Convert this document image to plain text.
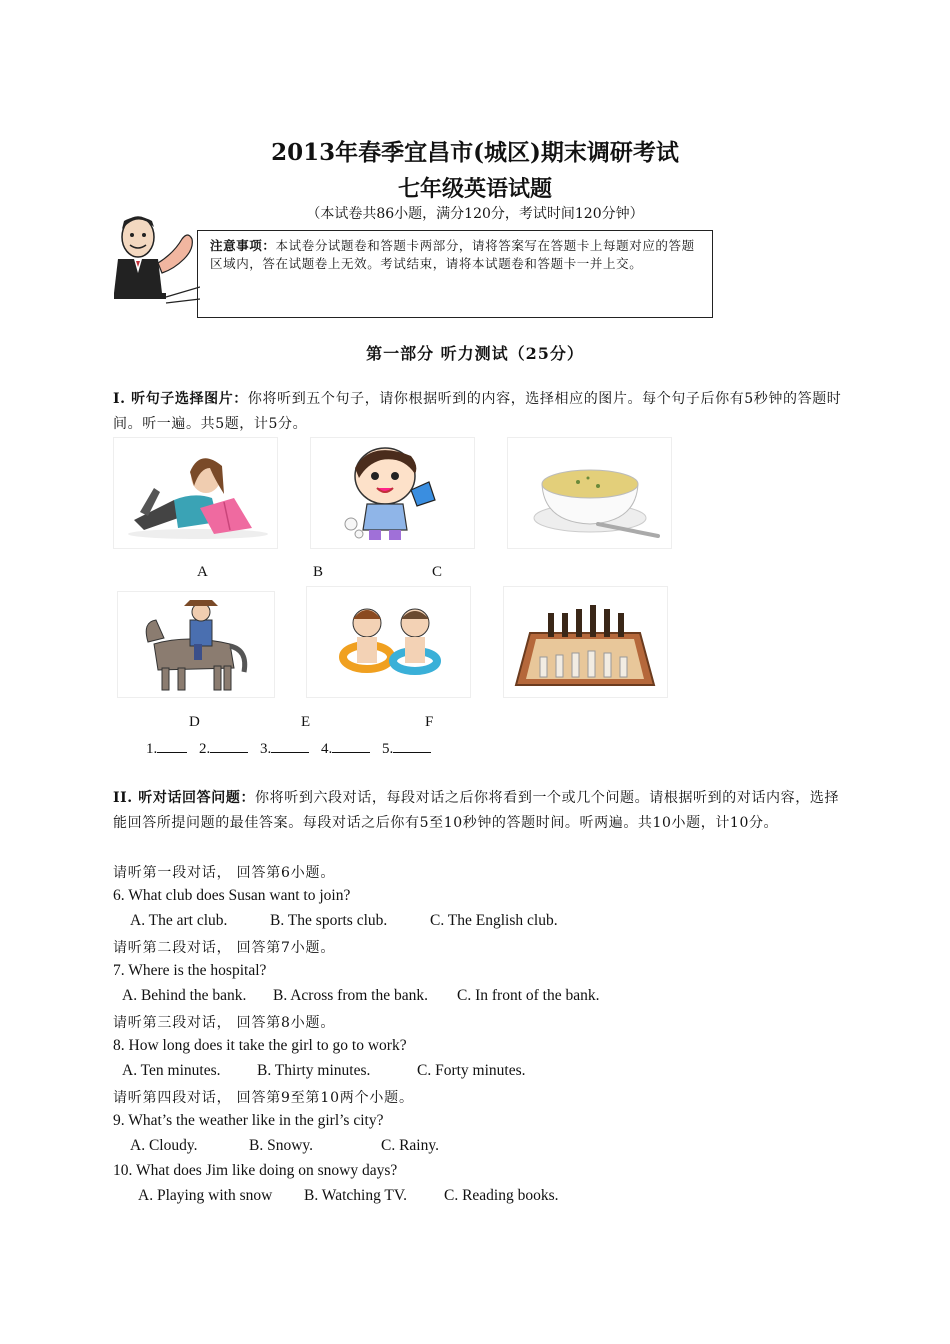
2013年春季宜昌市(城区)期末调研考试
七年级英语试题
（本试卷共86小题，满分120分，考试时间120分钟）
注意事项：本试卷分试题卷和答题卡两部分，请将答案写在答题卡上每题对应的答题区域内，答在试题卷上无效。考试结束，请将本试题卷和答题卡一并上交。
第一部分 听力测试（25分）
I. 听句子选择图片：你将听到五个句子，请你根据听到的内容，选择相应的图片。每个句子后你有5秒钟的答题时间。听一遍。共5题，计5分。
A	B	C
D	E	F
1.	2.	3.	4.	5.
II. 听对话回答问题：你将听到六段对话，每段对话之后你将看到一个或几个问题。请根据听到的对话内容，选择能回答所提问题的最佳答案。每段对话之后你有5至10秒钟的答题时间。听两遍。共10小题，计10分。
请听第一段对话， 回答第6小题。
6. What club does Susan want to join?
A. The art club.	B. The sports club.	C. The English club.
请听第二段对话， 回答第7小题。
7. Where is the hospital?
A. Behind the bank. B. Across from the bank. C. In front of the bank.
请听第三段对话， 回答第8小题。
8. How long does it take the girl to go to work?
A. Ten minutes. B. Thirty minutes.	C. Forty minutes.
请听第四段对话， 回答第9至第10两个小题。
9. What’s the weather like in the girl’s city?
A. Cloudy.	B. Snowy.	C. Rainy.
10. What does Jim like doing on snowy days?
A. Playing with snow B. Watching TV. C. Reading books.
